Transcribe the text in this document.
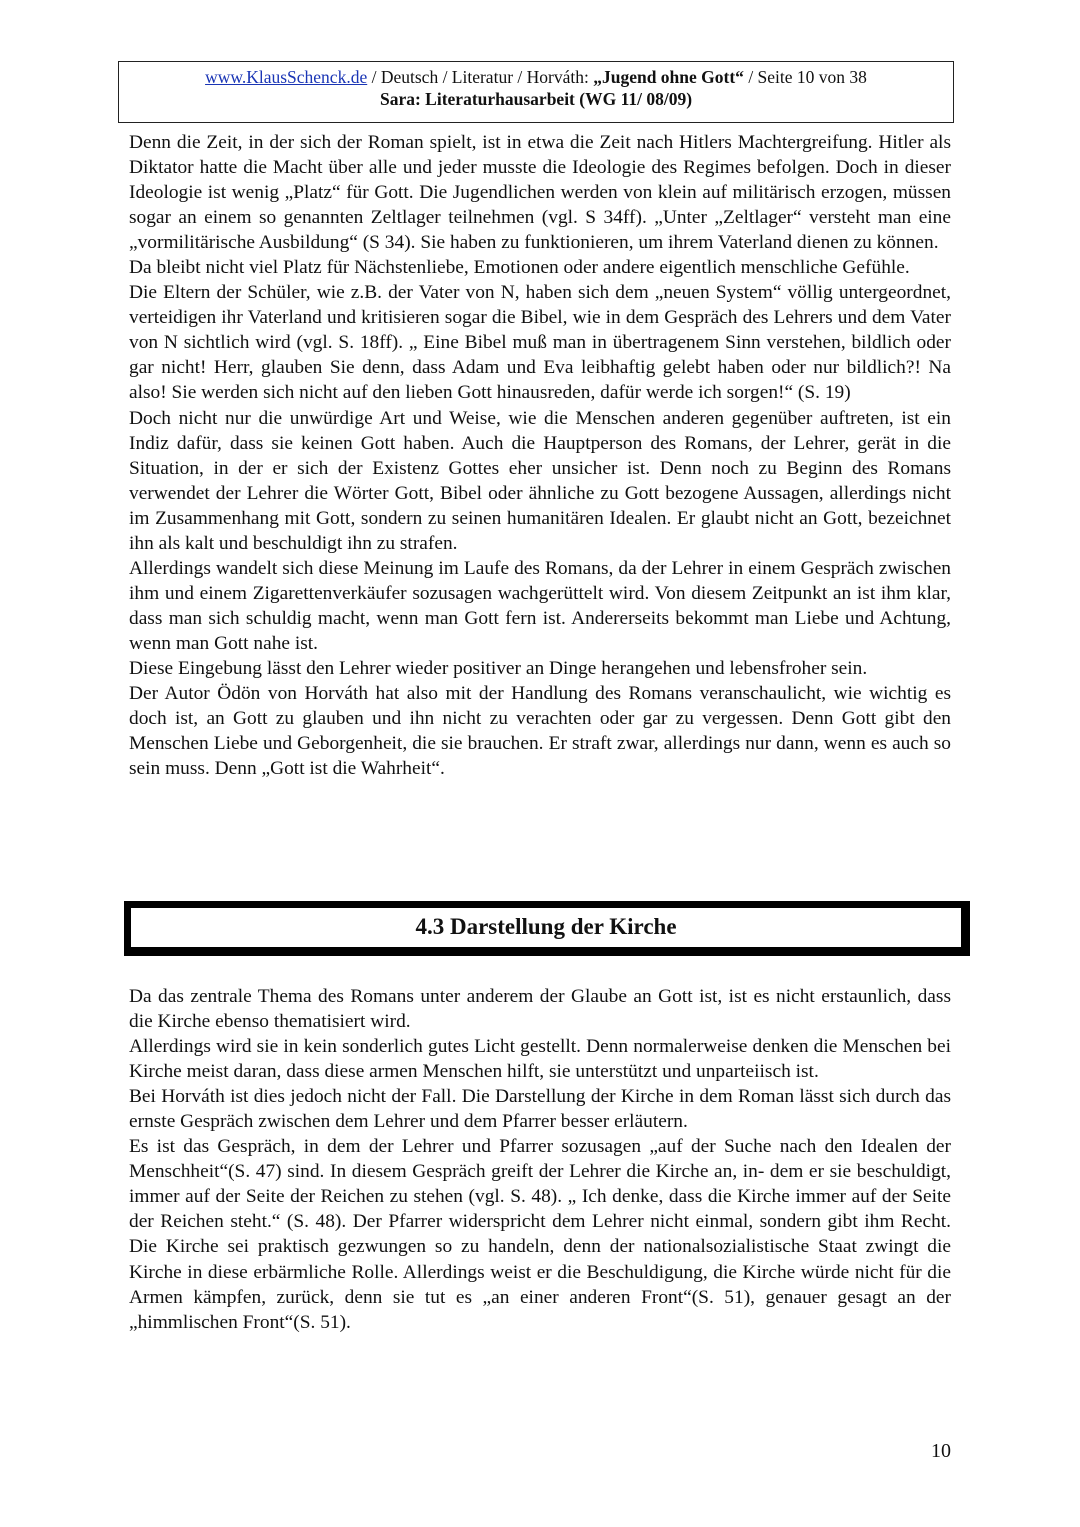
www.KlausSchenck.de / Deutsch / Literatur / Horváth: „Jugend ohne Gott“ / Seite 10 von 38
Sara: Literaturhausarbeit (WG 11/ 08/09)

Denn die Zeit, in der sich der Roman spielt, ist in etwa die Zeit nach Hitlers Machtergreifung. Hitler als Diktator hatte die Macht über alle und jeder musste die Ideologie des Regimes befolgen. Doch in dieser Ideologie ist wenig „Platz“ für Gott. Die Jugendlichen werden von klein auf militärisch erzogen, müssen sogar an einem so genannten Zeltlager teilnehmen (vgl. S 34ff). „Unter „Zeltlager“ versteht man eine „vormilitärische Ausbildung“ (S 34). Sie haben zu funktionieren, um ihrem Vaterland dienen zu können.

Da bleibt nicht viel Platz für Nächstenliebe, Emotionen oder andere eigentlich menschliche Gefühle.

Die Eltern der Schüler, wie z.B. der Vater von N, haben sich dem „neuen System“ völlig untergeordnet, verteidigen ihr Vaterland und kritisieren sogar die Bibel, wie in dem Gespräch des Lehrers und dem Vater von N sichtlich wird (vgl. S. 18ff). „ Eine Bibel muß man in übertragenem Sinn verstehen, bildlich oder gar nicht! Herr, glauben Sie denn, dass Adam und Eva leibhaftig gelebt haben oder nur bildlich?! Na also! Sie werden sich nicht auf den lieben Gott hinausreden, dafür werde ich sorgen!“ (S. 19)

Doch nicht nur die unwürdige Art und Weise, wie die Menschen anderen gegenüber auftreten, ist ein Indiz dafür, dass sie keinen Gott haben. Auch die Hauptperson des Romans, der Lehrer, gerät in die Situation, in der er sich der Existenz Gottes eher unsicher ist. Denn noch zu Beginn des Romans verwendet der Lehrer die Wörter Gott, Bibel oder ähnliche zu Gott bezogene Aussagen, allerdings nicht im Zusammenhang mit Gott, sondern zu seinen humanitären Idealen. Er glaubt nicht an Gott, bezeichnet ihn als kalt und beschuldigt ihn zu strafen.

Allerdings wandelt sich diese Meinung im Laufe des Romans, da der Lehrer in einem Gespräch zwischen ihm und einem Zigarettenverkäufer sozusagen wachgerüttelt wird. Von diesem Zeitpunkt an ist ihm klar, dass man sich schuldig macht, wenn man Gott fern ist. Andererseits bekommt man Liebe und Achtung, wenn man Gott nahe ist.

Diese Eingebung lässt den Lehrer wieder positiver an Dinge herangehen und lebensfroher sein.

Der Autor Ödön von Horváth hat also mit der Handlung des Romans veranschaulicht, wie wichtig es doch ist, an Gott zu glauben und ihn nicht zu verachten oder gar zu vergessen. Denn Gott gibt den Menschen Liebe und Geborgenheit, die sie brauchen. Er straft zwar, allerdings nur dann, wenn es auch so sein muss. Denn „Gott ist die Wahrheit“.

4.3 Darstellung der Kirche

Da das zentrale Thema des Romans unter anderem der Glaube an Gott ist, ist es nicht erstaunlich, dass die Kirche ebenso thematisiert wird.

Allerdings wird sie in kein sonderlich gutes Licht gestellt. Denn normalerweise denken die Menschen bei Kirche meist daran, dass diese armen Menschen hilft, sie unterstützt und unparteiisch ist.

Bei Horváth ist dies jedoch nicht der Fall. Die Darstellung der Kirche in dem Roman lässt sich durch das ernste Gespräch zwischen dem Lehrer und dem Pfarrer besser erläutern.

Es ist das Gespräch, in dem der Lehrer und Pfarrer sozusagen „auf der Suche nach den Idealen der Menschheit“(S. 47) sind. In diesem Gespräch greift der Lehrer die Kirche an, in- dem er sie beschuldigt, immer auf der Seite der Reichen zu stehen (vgl. S. 48). „ Ich denke, dass die Kirche immer auf der Seite der Reichen steht.“ (S. 48). Der Pfarrer widerspricht dem Lehrer nicht einmal, sondern gibt ihm Recht. Die Kirche sei praktisch gezwungen so zu handeln, denn der nationalsozialistische Staat zwingt die Kirche in diese erbärmliche Rolle. Allerdings weist er die Beschuldigung, die Kirche würde nicht für die Armen kämpfen, zurück, denn sie tut es „an einer anderen Front“(S. 51), genauer gesagt an der „himmlischen Front“(S. 51).

10
